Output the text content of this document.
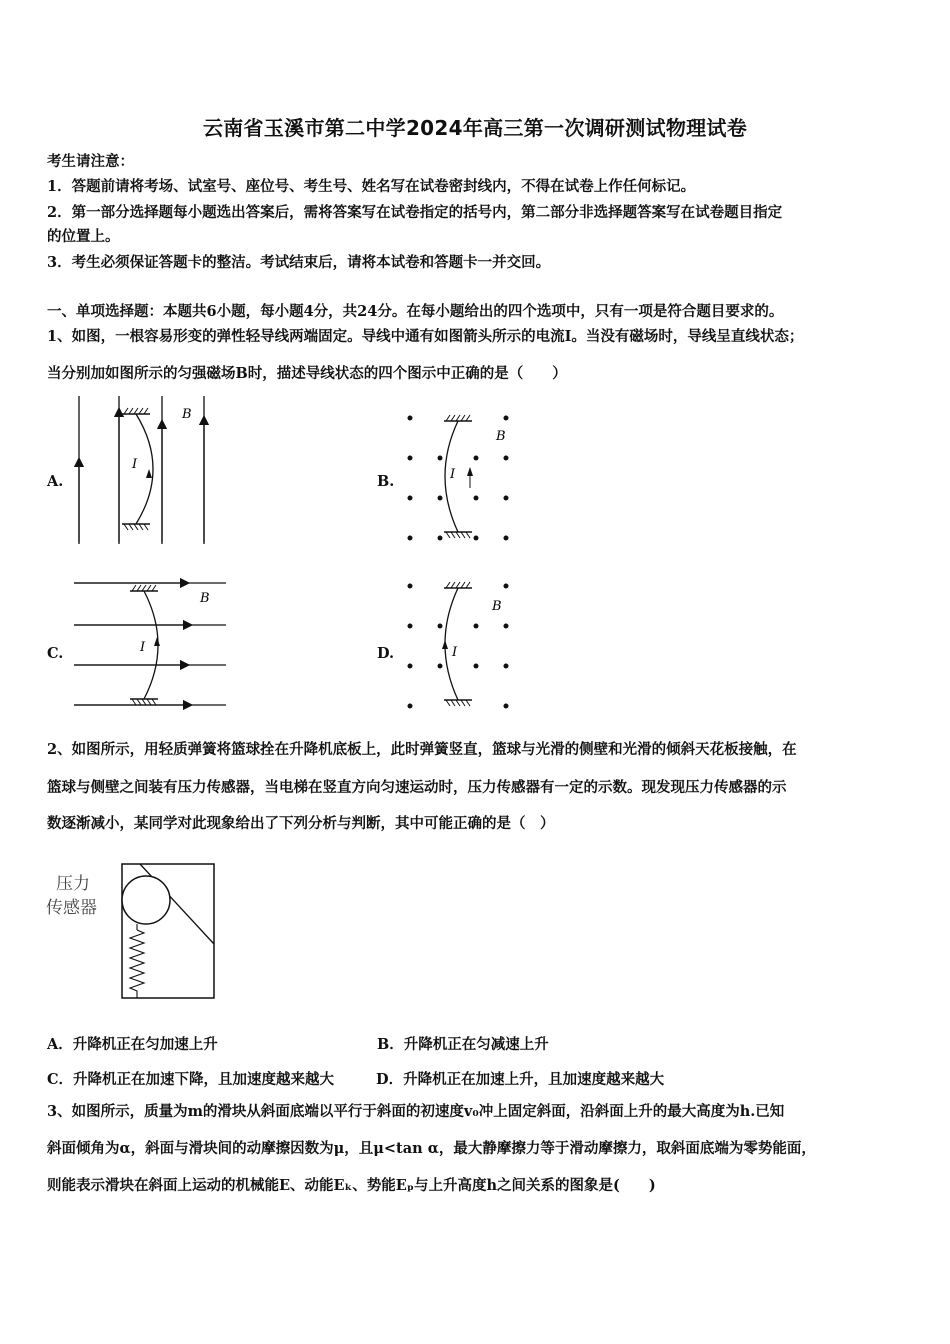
云南省玉溪市第二中学2024年高三第一次调研测试物理试卷
考生请注意：
1．答题前请将考场、试室号、座位号、考生号、姓名写在试卷密封线内，不得在试卷上作任何标记。
2．第一部分选择题每小题选出答案后，需将答案写在试卷指定的括号内，第二部分非选择题答案写在试卷题目指定
的位置上。
3．考生必须保证答题卡的整洁。考试结束后，请将本试卷和答题卡一并交回。
一、单项选择题：本题共6小题，每小题4分，共24分。在每小题给出的四个选项中，只有一项是符合题目要求的。
1、如图，一根容易形变的弹性轻导线两端固定。导线中通有如图箭头所示的电流I。当没有磁场时，导线呈直线状态；
当分别加如图所示的匀强磁场B时，描述导线状态的四个图示中正确的是（　　）
A.	B.
C.	D.
I
B
I
B
I
B
I
B
2、如图所示，用轻质弹簧将篮球拴在升降机底板上，此时弹簧竖直，篮球与光滑的侧壁和光滑的倾斜天花板接触，在
篮球与侧壁之间装有压力传感器，当电梯在竖直方向匀速运动时，压力传感器有一定的示数。现发现压力传感器的示
数逐渐减小，某同学对此现象给出了下列分析与判断，其中可能正确的是（　）
压力
传感器
A．升降机正在匀加速上升	B．升降机正在匀减速上升
C．升降机正在加速下降，且加速度越来越大	D．升降机正在加速上升，且加速度越来越大
3、如图所示，质量为m的滑块从斜面底端以平行于斜面的初速度v₀冲上固定斜面，沿斜面上升的最大高度为h.已知
斜面倾角为α，斜面与滑块间的动摩擦因数为μ，且μ<tan α，最大静摩擦力等于滑动摩擦力，取斜面底端为零势能面，
则能表示滑块在斜面上运动的机械能E、动能Eₖ、势能Eₚ与上升高度h之间关系的图象是(　　)
